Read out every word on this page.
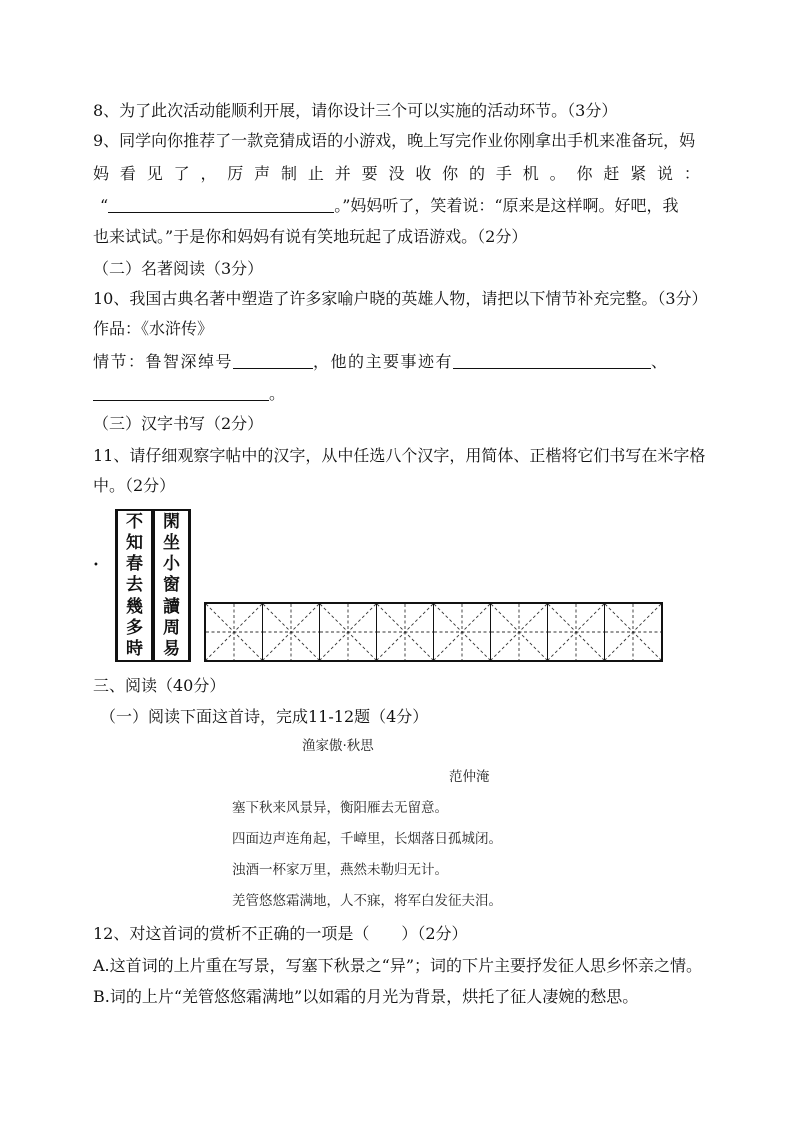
8、为了此次活动能顺利开展，请你设计三个可以实施的活动环节。（3分）
9、同学向你推荐了一款竞猜成语的小游戏，晚上写完作业你刚拿出手机来准备玩，妈
妈 看 见 了 ， 厉 声 制 止 并 要 没 收 你 的 手 机 。 你 赶 紧 说 ：
“	。”妈妈听了，笑着说：“原来是这样啊。好吧，我
也来试试。”于是你和妈妈有说有笑地玩起了成语游戏。（2分）
（二）名著阅读（3分）
10、我国古典名著中塑造了许多家喻户晓的英雄人物，请把以下情节补充完整。（3分）
作品：《水浒传》
情节：鲁智深绰号	，他的主要事迹有	、
。
（三）汉字书写（2分）
11、请仔细观察字帖中的汉字，从中任选八个汉字，用简体、正楷将它们书写在米字格
中。（2分）
•
不
知
春
去
幾
多
時
閑
坐
小
窗
讀
周
易
三、阅读（40分）
（一）阅读下面这首诗，完成11-12题（4分）
渔家傲·秋思
范仲淹
塞下秋来风景异，衡阳雁去无留意。
四面边声连角起，千嶂里，长烟落日孤城闭。
浊酒一杯家万里，燕然未勒归无计。
羌管悠悠霜满地，人不寐，将军白发征夫泪。
12、对这首词的赏析不正确的一项是（　　）（2分）
A.这首词的上片重在写景，写塞下秋景之“异”；词的下片主要抒发征人思乡怀亲之情。
B.词的上片“羌管悠悠霜满地”以如霜的月光为背景，烘托了征人凄婉的愁思。
